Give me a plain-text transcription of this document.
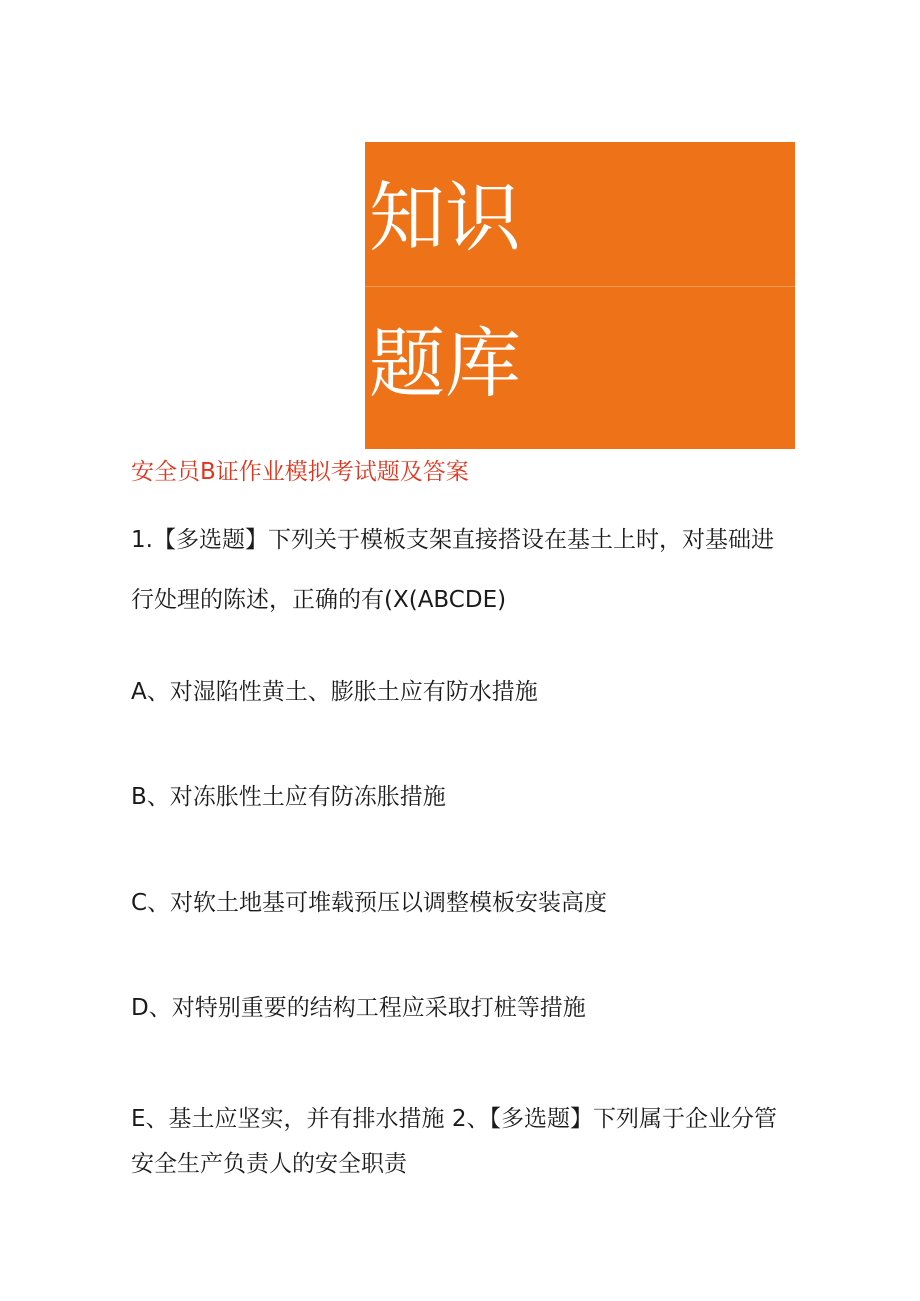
知识
题库
安全员B证作业模拟考试题及答案
1.【多选题】下列关于模板支架直接搭设在基土上时，对基础进行处理的陈述，正确的有(X(ABCDE)
A、对湿陷性黄土、膨胀土应有防水措施
B、对冻胀性土应有防冻胀措施
C、对软土地基可堆载预压以调整模板安装高度
D、对特别重要的结构工程应采取打桩等措施
E、基土应坚实，并有排水措施 2、【多选题】下列属于企业分管安全生产负责人的安全职责
